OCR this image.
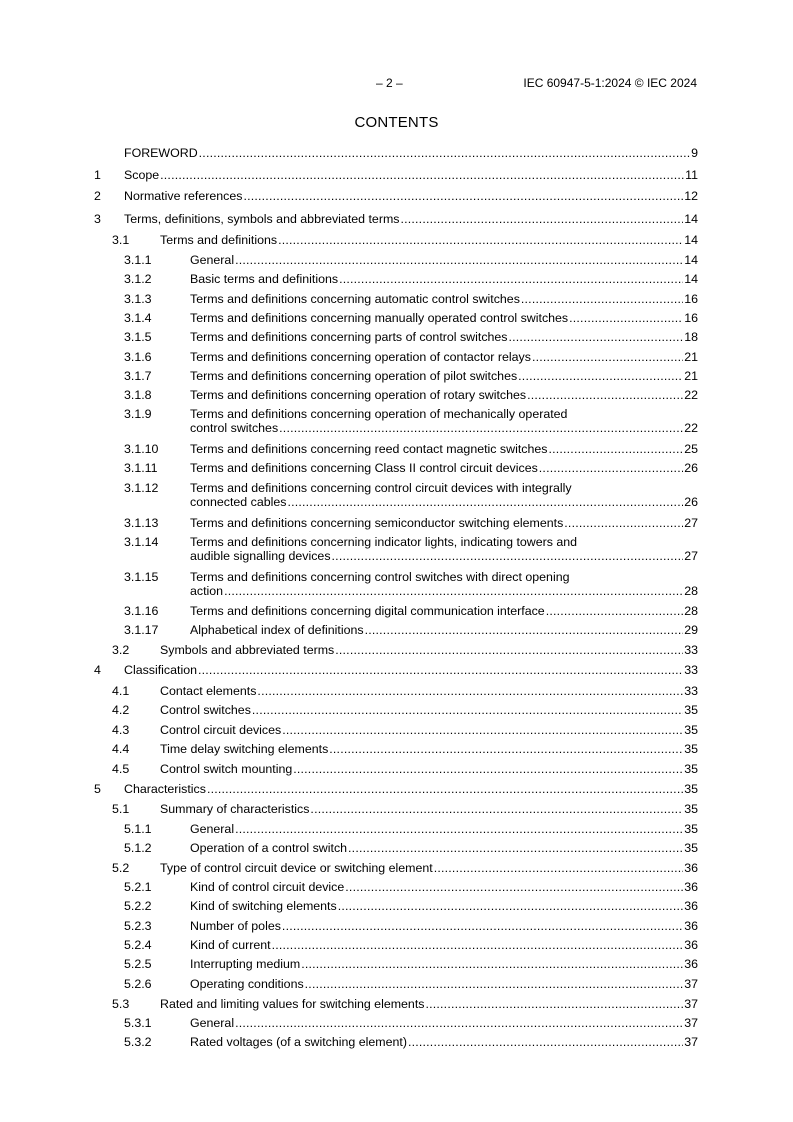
– 2 –	IEC 60947-5-1:2024 © IEC 2024
CONTENTS
FOREWORD .....	9
1 Scope .....	11
2 Normative references .....	12
3 Terms, definitions, symbols and abbreviated terms .....	14
3.1 Terms and definitions .....	14
3.1.1	General .....	14
3.1.2	Basic terms and definitions .....	14
3.1.3	Terms and definitions concerning automatic control switches .....	16
3.1.4	Terms and definitions concerning manually operated control switches .....	16
3.1.5	Terms and definitions concerning parts of control switches .....	18
3.1.6	Terms and definitions concerning operation of contactor relays .....	21
3.1.7	Terms and definitions concerning operation of pilot switches .....	21
3.1.8	Terms and definitions concerning operation of rotary switches .....	22
3.1.9	Terms and definitions concerning operation of mechanically operated
control switches .....	22
3.1.10	Terms and definitions concerning reed contact magnetic switches .....	25
3.1.11	Terms and definitions concerning Class II control circuit devices .....	26
3.1.12	Terms and definitions concerning control circuit devices with integrally
connected cables .....	26
3.1.13	Terms and definitions concerning semiconductor switching elements .....	27
3.1.14	Terms and definitions concerning indicator lights, indicating towers and
audible signalling devices .....	27
3.1.15	Terms and definitions concerning control switches with direct opening
action .....	28
3.1.16	Terms and definitions concerning digital communication interface .....	28
3.1.17	Alphabetical index of definitions .....	29
3.2 Symbols and abbreviated terms .....	33
4 Classification .....	33
4.1 Contact elements .....	33
4.2 Control switches .....	35
4.3 Control circuit devices .....	35
4.4 Time delay switching elements .....	35
4.5 Control switch mounting .....	35
5 Characteristics .....	35
5.1 Summary of characteristics .....	35
5.1.1	General .....	35
5.1.2	Operation of a control switch .....	35
5.2 Type of control circuit device or switching element .....	36
5.2.1	Kind of control circuit device .....	36
5.2.2	Kind of switching elements .....	36
5.2.3	Number of poles .....	36
5.2.4	Kind of current .....	36
5.2.5	Interrupting medium .....	36
5.2.6	Operating conditions .....	37
5.3 Rated and limiting values for switching elements .....	37
5.3.1	General .....	37
5.3.2	Rated voltages (of a switching element) .....	37
